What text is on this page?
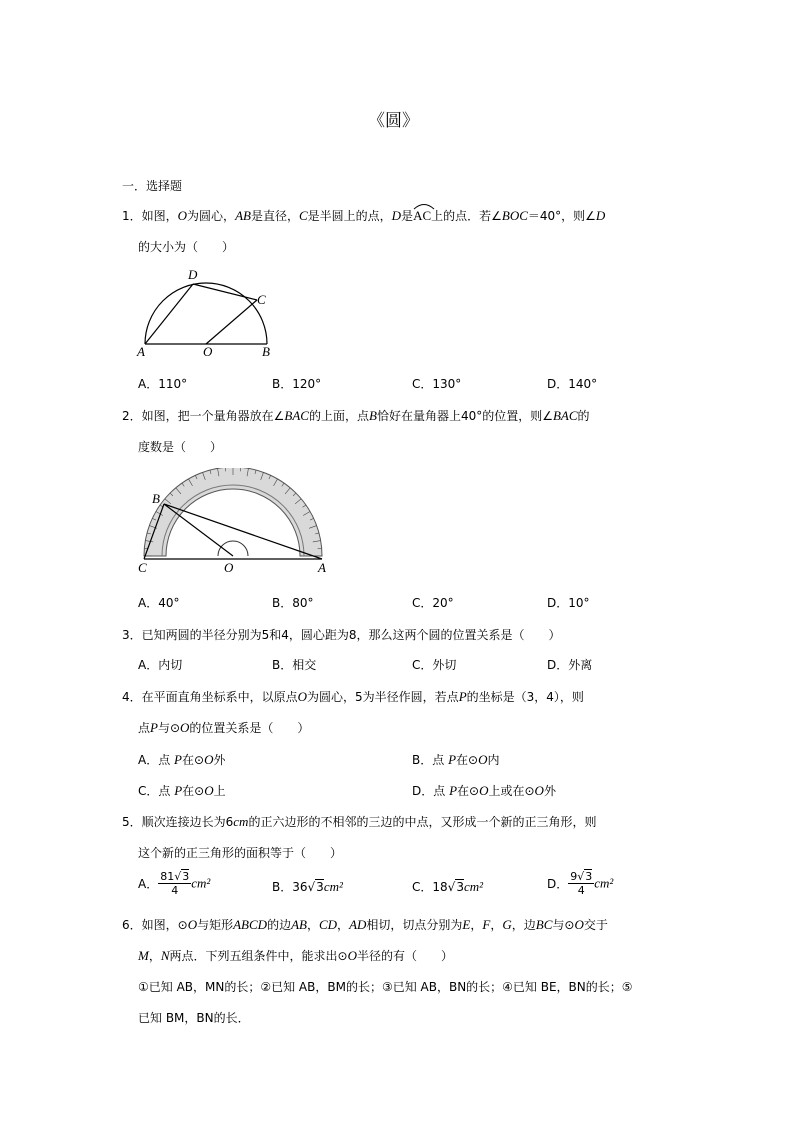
《圆》
一．选择题
1．如图，O为圆心，AB是直径，C是半圆上的点，D是
AC上的点．若∠BOC＝40°，则∠D
的大小为（　　）
D
C
A	O	B
A．110°	B．120°	C．130°	D．140°
2．如图，把一个量角器放在∠BAC的上面，点B恰好在量角器上40°的位置，则∠BAC的
度数是（　　）
B
C	O	A
A．40°	B．80°	C．20°	D．10°
3．已知两圆的半径分别为5和4，圆心距为8，那么这两个圆的位置关系是（　　）
A．内切	B．相交	C．外切	D．外离
4．在平面直角坐标系中，以原点O为圆心，5为半径作圆，若点P的坐标是（3，4），则
点P与⊙O的位置关系是（　　）
A．点 P在⊙O外	B．点 P在⊙O内
C．点 P在⊙O上	D．点 P在⊙O上或在⊙O外
5．顺次连接边长为6cm的正六边形的不相邻的三边的中点，又形成一个新的正三角形，则
这个新的正三角形的面积等于（　　）
A． $\frac{81√3}{4} cm^2$	B．36√3cm²	C．18√3cm²	D． $\frac{9√3}{4} cm^2$
6．如图，⊙O与矩形ABCD的边AB，CD，AD相切，切点分别为E，F，G，边BC与⊙O交于
M，N两点．下列五组条件中，能求出⊙O半径的有（　　）
①已知 AB，MN的长；②已知 AB，BM的长；③已知 AB，BN的长；④已知 BE，BN的长；⑤
已知 BM，BN的长．
